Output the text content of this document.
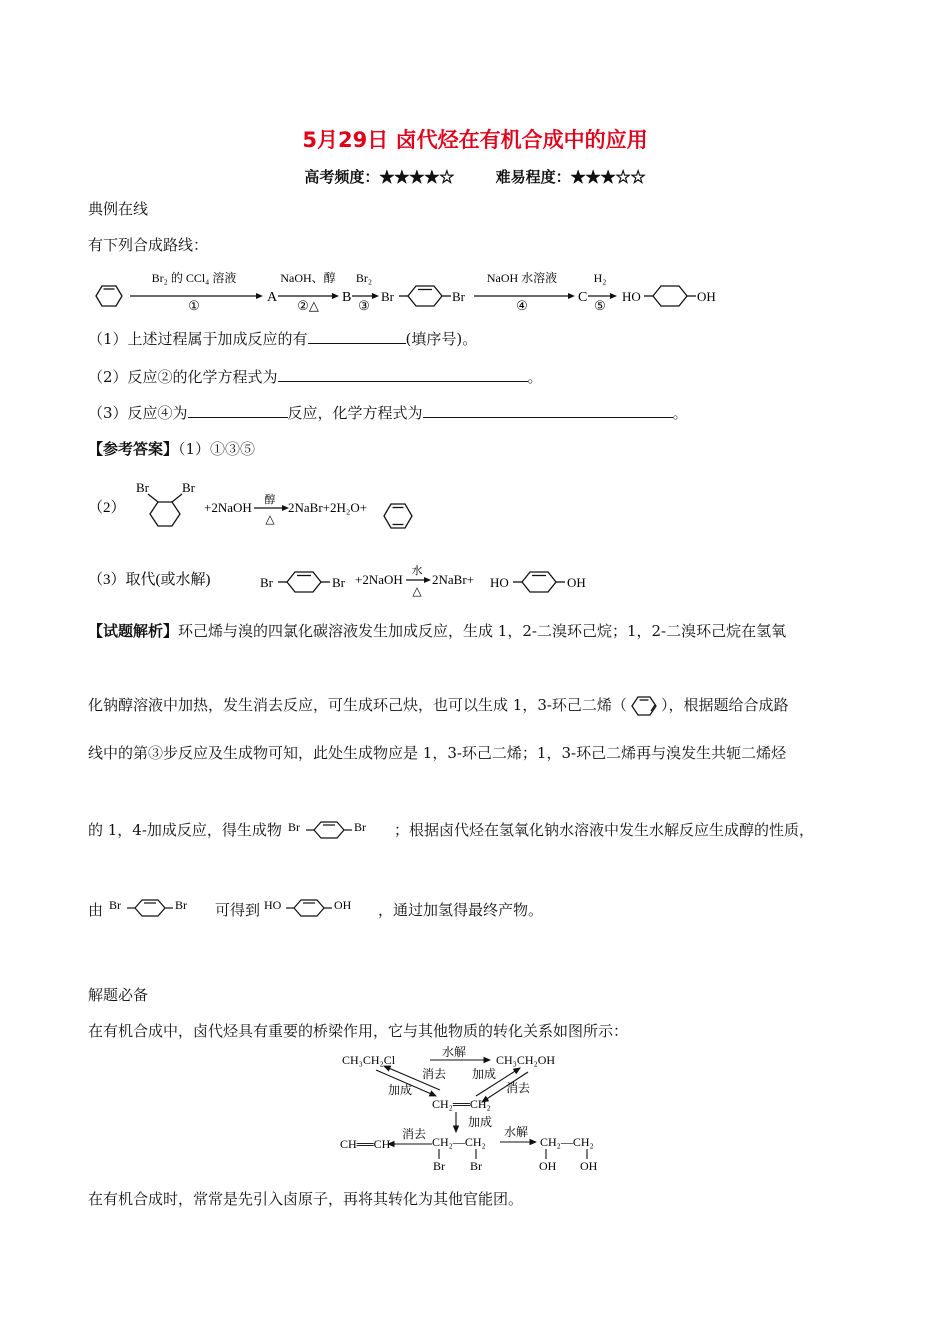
5月29日 卤代烃在有机合成中的应用
高考频度：★★★★☆	难易程度：★★★☆☆
典例在线
有下列合成路线：
Br₂ 的 CCl₄ 溶液
①
A
NaOH、醇
②△
B
Br₂
③
Br	Br
NaOH 水溶液
④
C
H₂
⑤
HO	OH
（1）上述过程属于加成反应的有	(填序号)。
（2）反应②的化学方程式为	。
（3）反应④为	反应，化学方程式为	。
【参考答案】（1）①③⑤
（2）
Br	Br
+2NaOH 醇
△
2NaBr+2H₂O+
（3）取代(或水解)	Br	Br +2NaOH
水
△
2NaBr+ HO	OH
【试题解析】环己烯与溴的四氯化碳溶液发生加成反应，生成 1，2-二溴环己烷；1，2-二溴环己烷在氢氧
化钠醇溶液中加热，发生消去反应，可生成环己炔，也可以生成 1，3-环己二烯（ ），根据题给合成路
线中的第③步反应及生成物可知，此处生成物应是 1，3-环己二烯；1，3-环己二烯再与溴发生共轭二烯烃
的 1，4-加成反应，得生成物 Br	Br ；根据卤代烃在氢氧化钠水溶液中发生水解反应生成醇的性质，
由 Br	Br 可得到 HO	OH ，通过加氢得最终产物。
解题必备
在有机合成中，卤代烃具有重要的桥梁作用，它与其他物质的转化关系如图所示：
CH₃CH₂Cl	CH₃CH₂OH
CH₂══CH₂
CH══CH	CH₂—CH₂	CH₂—CH₂
Br Br	OH OH
水解
消去 加成
加成	消去
加成
消去	水解
在有机合成时，常常是先引入卤原子，再将其转化为其他官能团。
